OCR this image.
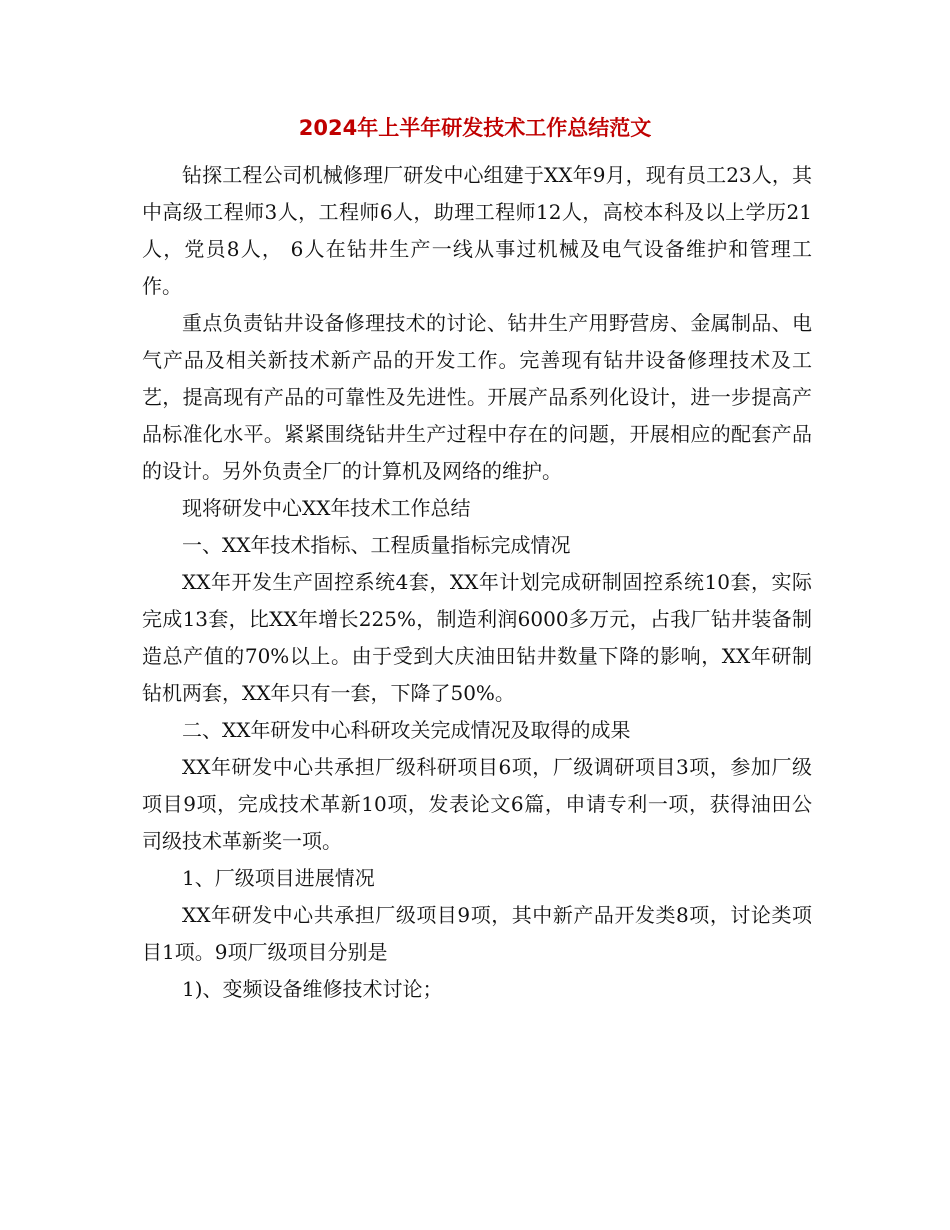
2024年上半年研发技术工作总结范文

钻探工程公司机械修理厂研发中心组建于XX年9月，现有员工23人，其中高级工程师3人，工程师6人，助理工程师12人，高校本科及以上学历21人，党员8人， 6人在钻井生产一线从事过机械及电气设备维护和管理工作。

重点负责钻井设备修理技术的讨论、钻井生产用野营房、金属制品、电气产品及相关新技术新产品的开发工作。完善现有钻井设备修理技术及工艺，提高现有产品的可靠性及先进性。开展产品系列化设计，进一步提高产品标准化水平。紧紧围绕钻井生产过程中存在的问题，开展相应的配套产品的设计。另外负责全厂的计算机及网络的维护。

现将研发中心XX年技术工作总结

一、XX年技术指标、工程质量指标完成情况

XX年开发生产固控系统4套，XX年计划完成研制固控系统10套，实际完成13套，比XX年增长225%，制造利润6000多万元，占我厂钻井装备制造总产值的70%以上。由于受到大庆油田钻井数量下降的影响，XX年研制钻机两套，XX年只有一套，下降了50%。

二、XX年研发中心科研攻关完成情况及取得的成果

XX年研发中心共承担厂级科研项目6项，厂级调研项目3项，参加厂级项目9项，完成技术革新10项，发表论文6篇，申请专利一项，获得油田公司级技术革新奖一项。

1、厂级项目进展情况

XX年研发中心共承担厂级项目9项，其中新产品开发类8项，讨论类项目1项。9项厂级项目分别是

1)、变频设备维修技术讨论；
